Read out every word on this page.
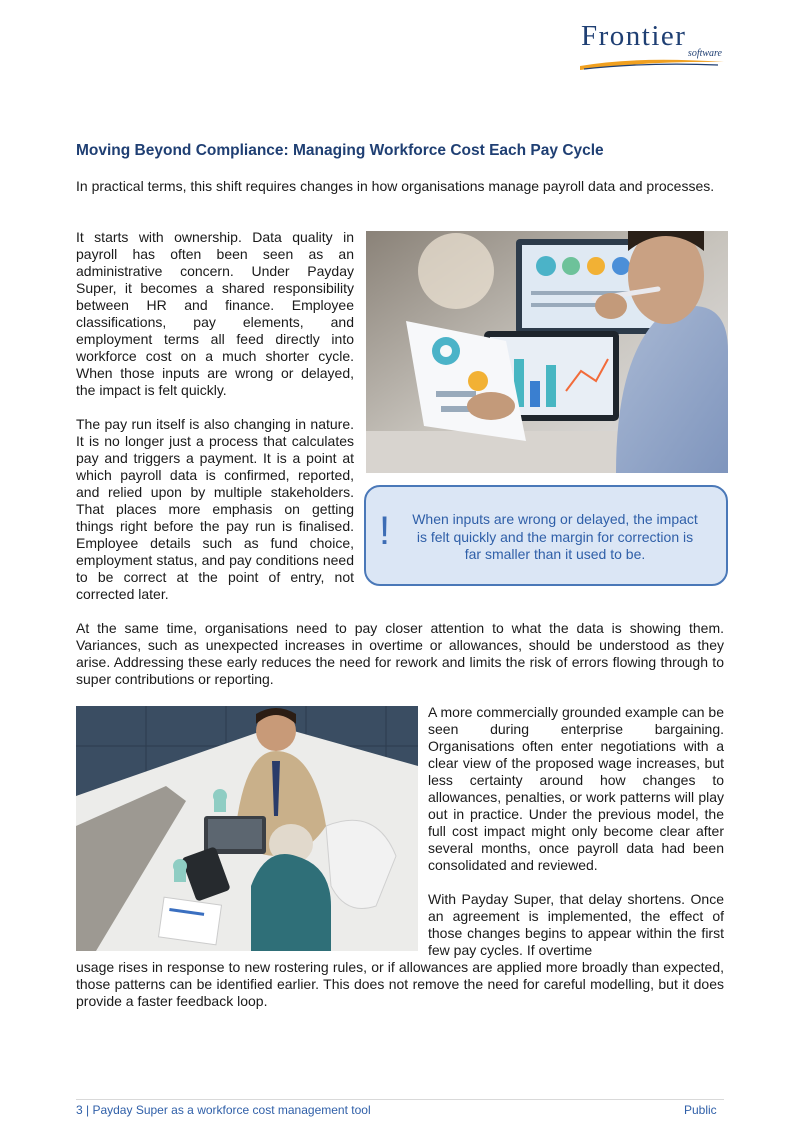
Frontier
software
Moving Beyond Compliance: Managing Workforce Cost Each Pay Cycle

In practical terms, this shift requires changes in how organisations manage payroll data and processes.

It starts with ownership. Data quality in payroll has often been seen as an administrative concern. Under Payday Super, it becomes a shared responsibility between HR and finance. Employee classifications, pay elements, and employment terms all feed directly into workforce cost on a much shorter cycle. When those inputs are wrong or delayed, the impact is felt quickly.

The pay run itself is also changing in nature. It is no longer just a process that calculates pay and triggers a payment. It is a point at which payroll data is confirmed, reported, and relied upon by multiple stakeholders. That places more emphasis on getting things right before the pay run is finalised. Employee details such as fund choice, employment status, and pay conditions need to be correct at the point of entry, not corrected later.

! When inputs are wrong or delayed, the impact is felt quickly and the margin for correction is far smaller than it used to be.

At the same time, organisations need to pay closer attention to what the data is showing them. Variances, such as unexpected increases in overtime or allowances, should be understood as they arise. Addressing these early reduces the need for rework and limits the risk of errors flowing through to super contributions or reporting.

A more commercially grounded example can be seen during enterprise bargaining. Organisations often enter negotiations with a clear view of the proposed wage increases, but less certainty around how changes to allowances, penalties, or work patterns will play out in practice. Under the previous model, the full cost impact might only become clear after several months, once payroll data had been consolidated and reviewed.

With Payday Super, that delay shortens. Once an agreement is implemented, the effect of those changes begins to appear within the first few pay cycles. If overtime

usage rises in response to new rostering rules, or if allowances are applied more broadly than expected, those patterns can be identified earlier. This does not remove the need for careful modelling, but it does provide a faster feedback loop.

3 | Payday Super as a workforce cost management tool	Public
